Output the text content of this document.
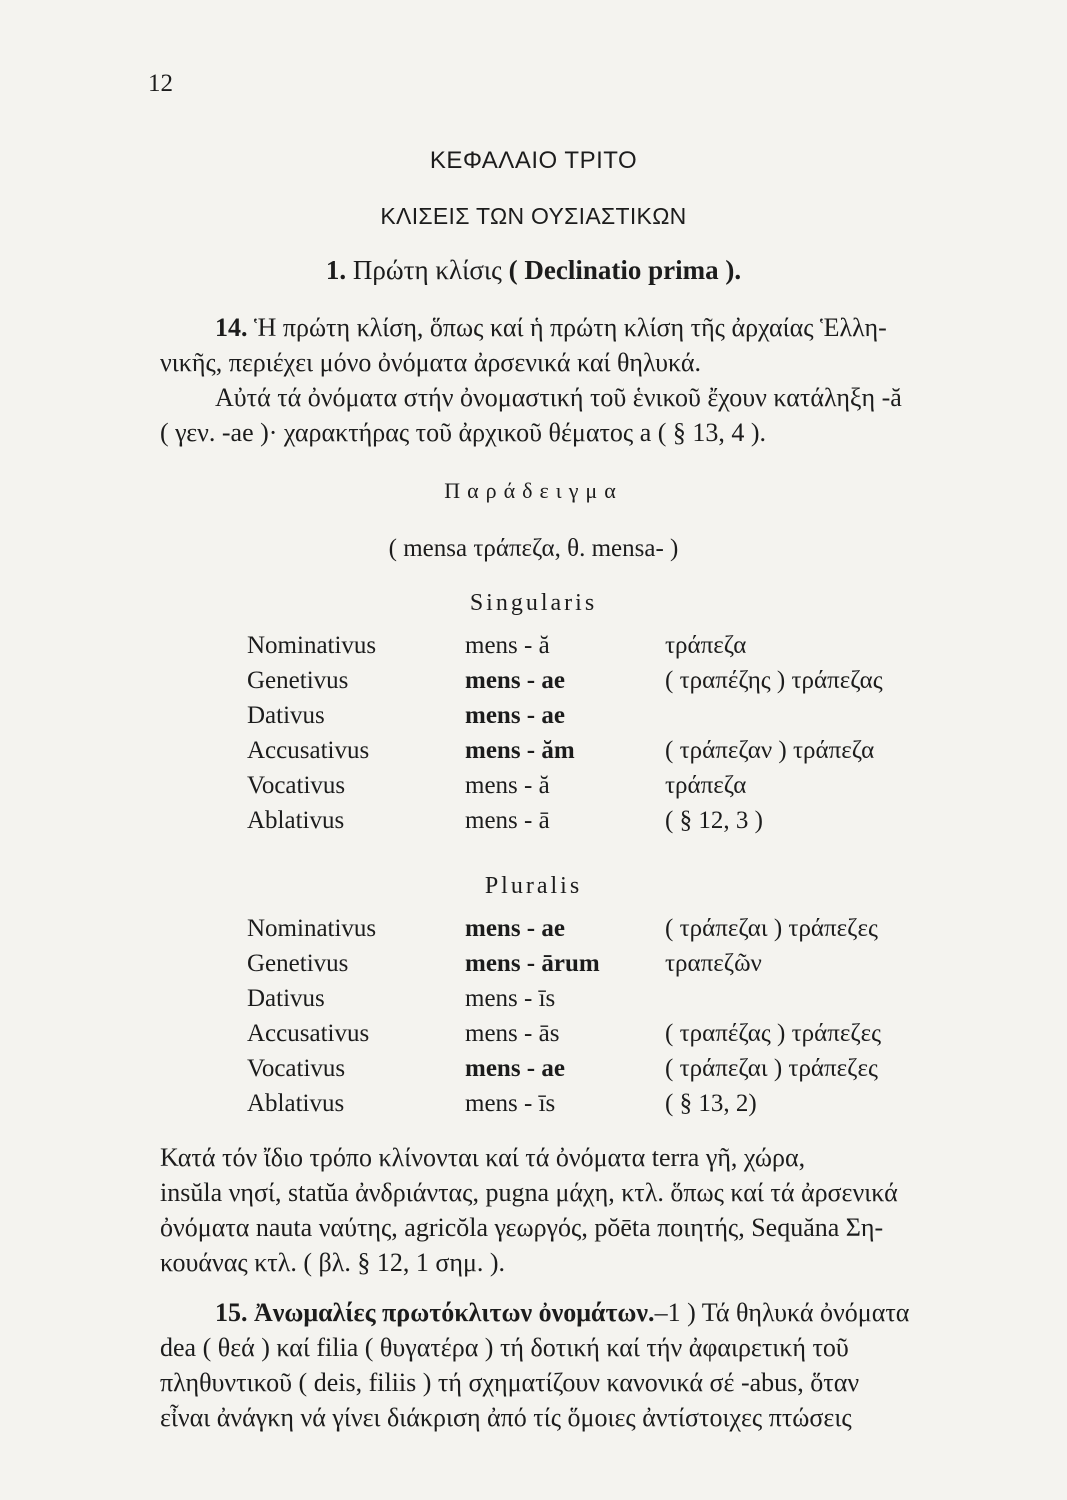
12
ΚΕΦΑΛΑΙΟ ΤΡΙΤΟ
ΚΛΙΣΕΙΣ ΤΩΝ ΟΥΣΙΑΣΤΙΚΩΝ
1. Πρώτη κλίσις ( Declinatio prima ).
14. Ἡ πρώτη κλίση, ὅπως καί ἡ πρώτη κλίση τῆς ἀρχαίας Ἑλλη-
νικῆς, περιέχει μόνο ὀνόματα ἀρσενικά καί θηλυκά.
Αὐτά τά ὀνόματα στήν ὀνομαστική τοῦ ἑνικοῦ ἔχουν κατάληξη -ă
( γεν. -ae )· χαρακτήρας τοῦ ἀρχικοῦ θέματος a ( § 13, 4 ).
Παράδειγμα
( mensa τράπεζα, θ. mensa- )
Singularis
Nominativus	mens - ă	τράπεζα
Genetivus	mens - ae	( τραπέζης ) τράπεζας
Dativus	mens - ae
Accusativus	mens - ăm	( τράπεζαν ) τράπεζα
Vocativus	mens - ă	τράπεζα
Ablativus	mens - ā	( § 12, 3 )
Pluralis
Nominativus	mens - ae	( τράπεζαι ) τράπεζες
Genetivus	mens - ārum	τραπεζῶν
Dativus	mens - īs
Accusativus	mens - ās	( τραπέζας ) τράπεζες
Vocativus	mens - ae	( τράπεζαι ) τράπεζες
Ablativus	mens - īs	( § 13, 2)
Κατά τόν ἴδιο τρόπο κλίνονται καί τά ὀνόματα terra γῆ, χώρα,
insŭla νησί, statŭa ἀνδριάντας, pugna μάχη, κτλ. ὅπως καί τά ἀρσενικά
ὀνόματα nauta ναύτης, agricŏla γεωργός, pŏēta ποιητής, Sequăna Ση-
κουάνας κτλ. ( βλ. § 12, 1 σημ. ).
15. Ἀνωμαλίες πρωτόκλιτων ὀνομάτων.–1 ) Τά θηλυκά ὀνόματα
dea ( θεά ) καί filia ( θυγατέρα ) τή δοτική καί τήν ἀφαιρετική τοῦ
πληθυντικοῦ ( deis, filiis ) τή σχηματίζουν κανονικά σέ -abus, ὅταν
εἶναι ἀνάγκη νά γίνει διάκριση ἀπό τίς ὅμοιες ἀντίστοιχες πτώσεις
